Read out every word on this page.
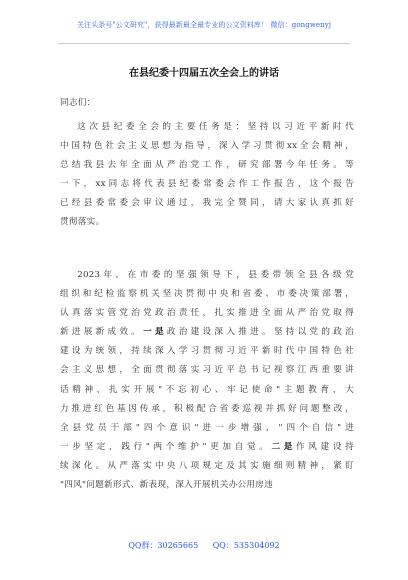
关注头条号"公文研究"，获得最新最全最专业的公文资料库！ 微信：gongwenyj
在县纪委十四届五次全会上的讲话
同志们：
这次县纪委全会的主要任务是：坚持以习近平新时代
中国特色社会主义思想为指导，深入学习贯彻xx全会精神，
总结我县去年全面从严治党工作，研究部署今年任务。等
一下，xx同志将代表县纪委常委会作工作报告，这个报告
已经县委常委会审议通过，我完全赞同，请大家认真抓好
贯彻落实。
2023年，在市委的坚强领导下，县委带领全县各级党
组织和纪检监察机关坚决贯彻中央和省委、市委决策部署，
认真落实管党治党政治责任，扎实推进全面从严治党取得
新进展新成效。一是政治建设深入推进。坚持以党的政治
建设为统领，持续深入学习贯彻习近平新时代中国特色社
会主义思想，全面贯彻落实习近平总书记视察江西重要讲
话精神，扎实开展"不忘初心、牢记使命"主题教育，大
力推进红色基因传承，积极配合省委巡视并抓好问题整改，
全县党员干部"四个意识"进一步增强，"四个自信"进
一步坚定，践行"两个维护"更加自觉。二是作风建设持
续深化。从严落实中央八项规定及其实施细则精神，紧盯
"四风"问题新形式、新表现，深入开展机关办公用房违
QQ群：30265665 QQ：535304092
